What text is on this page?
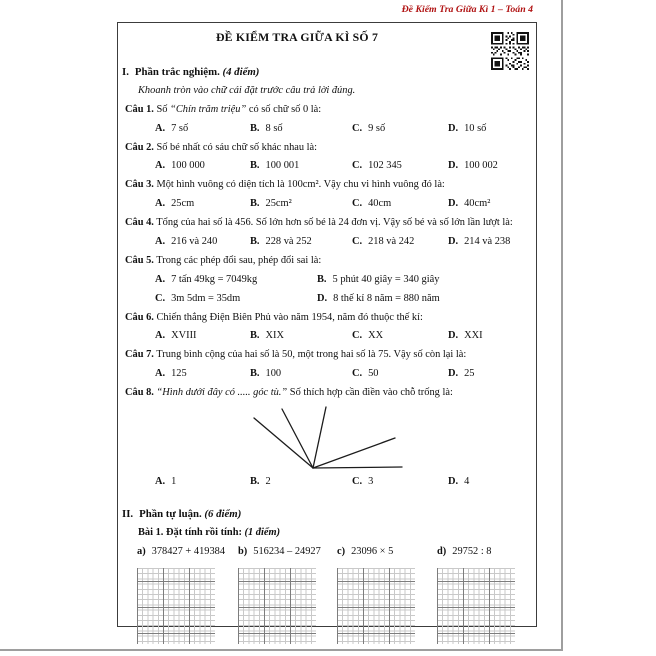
Đề Kiểm Tra Giữa Kì 1 – Toán 4
ĐỀ KIỂM TRA GIỮA KÌ SỐ 7
I. Phần trắc nghiệm. (4 điểm)
Khoanh tròn vào chữ cái đặt trước câu trả lời đúng.
Câu 1. Số “Chín trăm triệu” có số chữ số 0 là:
A. 7 số	B. 8 số	C. 9 số	D. 10 số
Câu 2. Số bé nhất có sáu chữ số khác nhau là:
A. 100 000	B. 100 001	C. 102 345	D. 100 002
Câu 3. Một hình vuông có diện tích là 100cm². Vậy chu vi hình vuông đó là:
A. 25cm	B. 25cm²	C. 40cm	D. 40cm²
Câu 4. Tổng của hai số là 456. Số lớn hơn số bé là 24 đơn vị. Vậy số bé và số lớn lần lượt là:
A. 216 và 240	B. 228 và 252	C. 218 và 242	D. 214 và 238
Câu 5. Trong các phép đổi sau, phép đổi sai là:
A. 7 tấn 49kg = 7049kg	B. 5 phút 40 giây = 340 giây
C. 3m 5dm = 35dm	D. 8 thế kỉ 8 năm = 880 năm
Câu 6. Chiến thắng Điện Biên Phủ vào năm 1954, năm đó thuộc thế kỉ:
A. XVIII	B. XIX	C. XX	D. XXI
Câu 7. Trung bình cộng của hai số là 50, một trong hai số là 75. Vậy số còn lại là:
A. 125	B. 100	C. 50	D. 25
Câu 8. “Hình dưới đây có ..... góc tù.” Số thích hợp cần điền vào chỗ trống là:
A. 1	B. 2	C. 3	D. 4
II. Phần tự luận. (6 điểm)
Bài 1. Đặt tính rồi tính: (1 điểm)
a) 378427 + 419384 b) 516234 – 24927 c) 23096 × 5	d) 29752 : 8
